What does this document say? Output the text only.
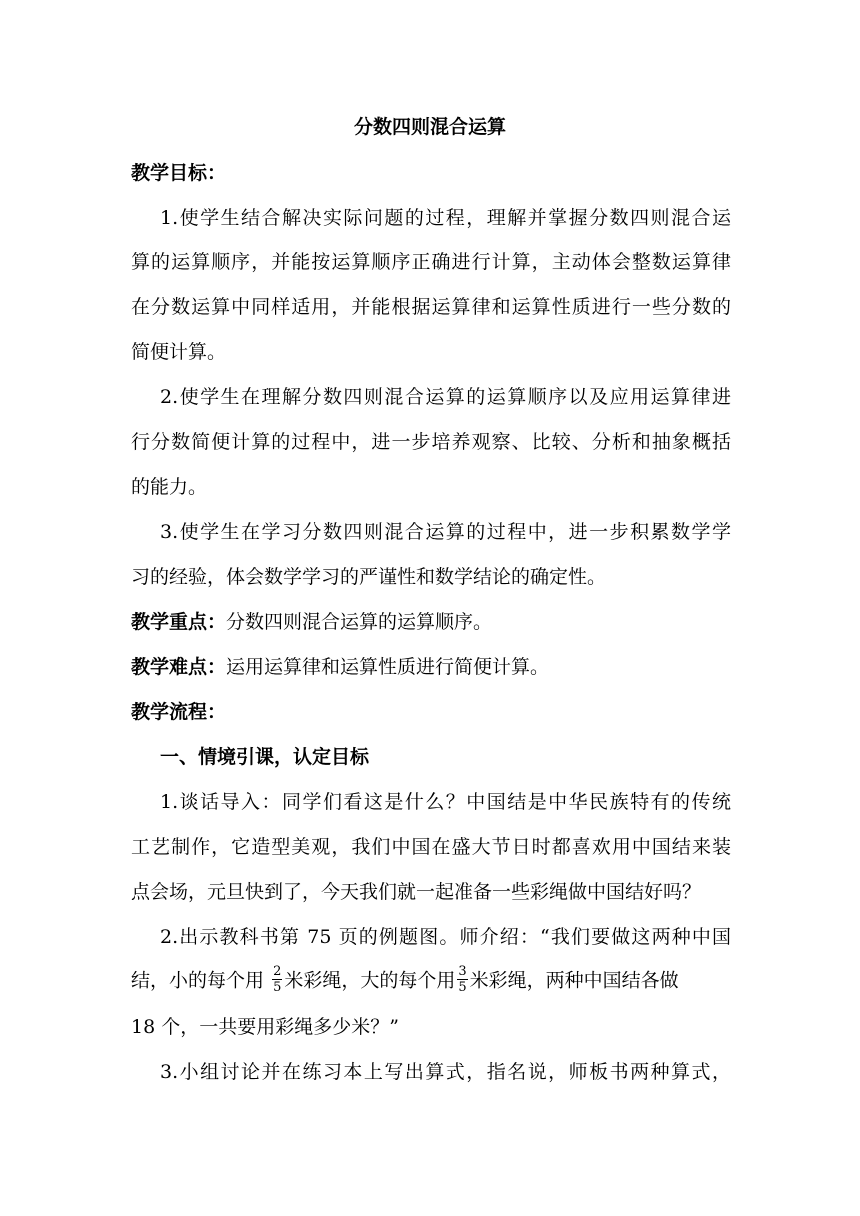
分数四则混合运算
教学目标：
1.使学生结合解决实际问题的过程，理解并掌握分数四则混合运
算的运算顺序，并能按运算顺序正确进行计算，主动体会整数运算律
在分数运算中同样适用，并能根据运算律和运算性质进行一些分数的
简便计算。
2.使学生在理解分数四则混合运算的运算顺序以及应用运算律进
行分数简便计算的过程中，进一步培养观察、比较、分析和抽象概括
的能力。
3.使学生在学习分数四则混合运算的过程中，进一步积累数学学
习的经验，体会数学学习的严谨性和数学结论的确定性。
教学重点：分数四则混合运算的运算顺序。
教学难点：运用运算律和运算性质进行简便计算。
教学流程：
一、情境引课，认定目标
1.谈话导入：同学们看这是什么？中国结是中华民族特有的传统
工艺制作，它造型美观，我们中国在盛大节日时都喜欢用中国结来装
点会场，元旦快到了，今天我们就一起准备一些彩绳做中国结好吗？
2.出示教科书第 75 页的例题图。师介绍：“我们要做这两种中国
结，小的每个用 $\frac{2}{5}$ 米彩绳，大的每个用 $\frac{3}{5}$ 米彩绳，两种中国结各做
18 个，一共要用彩绳多少米？”
3.小组讨论并在练习本上写出算式，指名说，师板书两种算式，
